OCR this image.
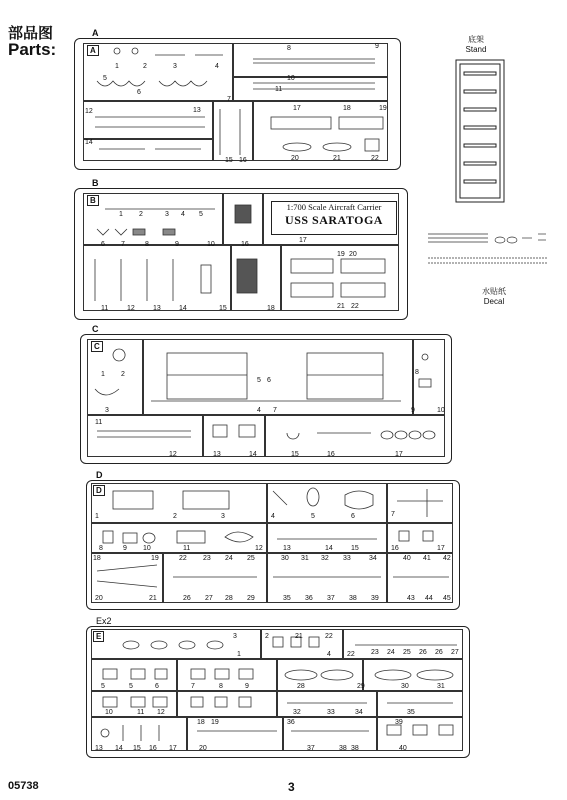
部品图
Parts:
A
A
1	2	3	4
5
6
7
8	9
10
11
12	13
14
15 16
17	18	19
20	21	22
B
B
1:700 Scale Aircraft Carrier
USS SARATOGA
1 2	3 4 5
6 7	8	9	10
11	12	13	14	15
16
17
18
19 20
21 22
底架
Stand
水贴纸
Decal
C
C
1 2
3	4
5 6
7
8
9	10
11
12	13	14	15	16	17
D
D
1	2	3	4	5	6	7
8	9 10	11	12	13	14	15	16	17
18	19
20	21
22 23 24 25
26 27 28 29
30 31 32 33	34
35 36 37 38 39
40 41 42
43 44 45
Ex2
E
1
2
3
4
5	5	6	7	8	9
10	11 12
13 14 15 16 17
18 19
20
21	22
22 23 24 25 26 26 27
28	29	30	31
32	33	34	35
36
37	38 38
39
40
05738	3
